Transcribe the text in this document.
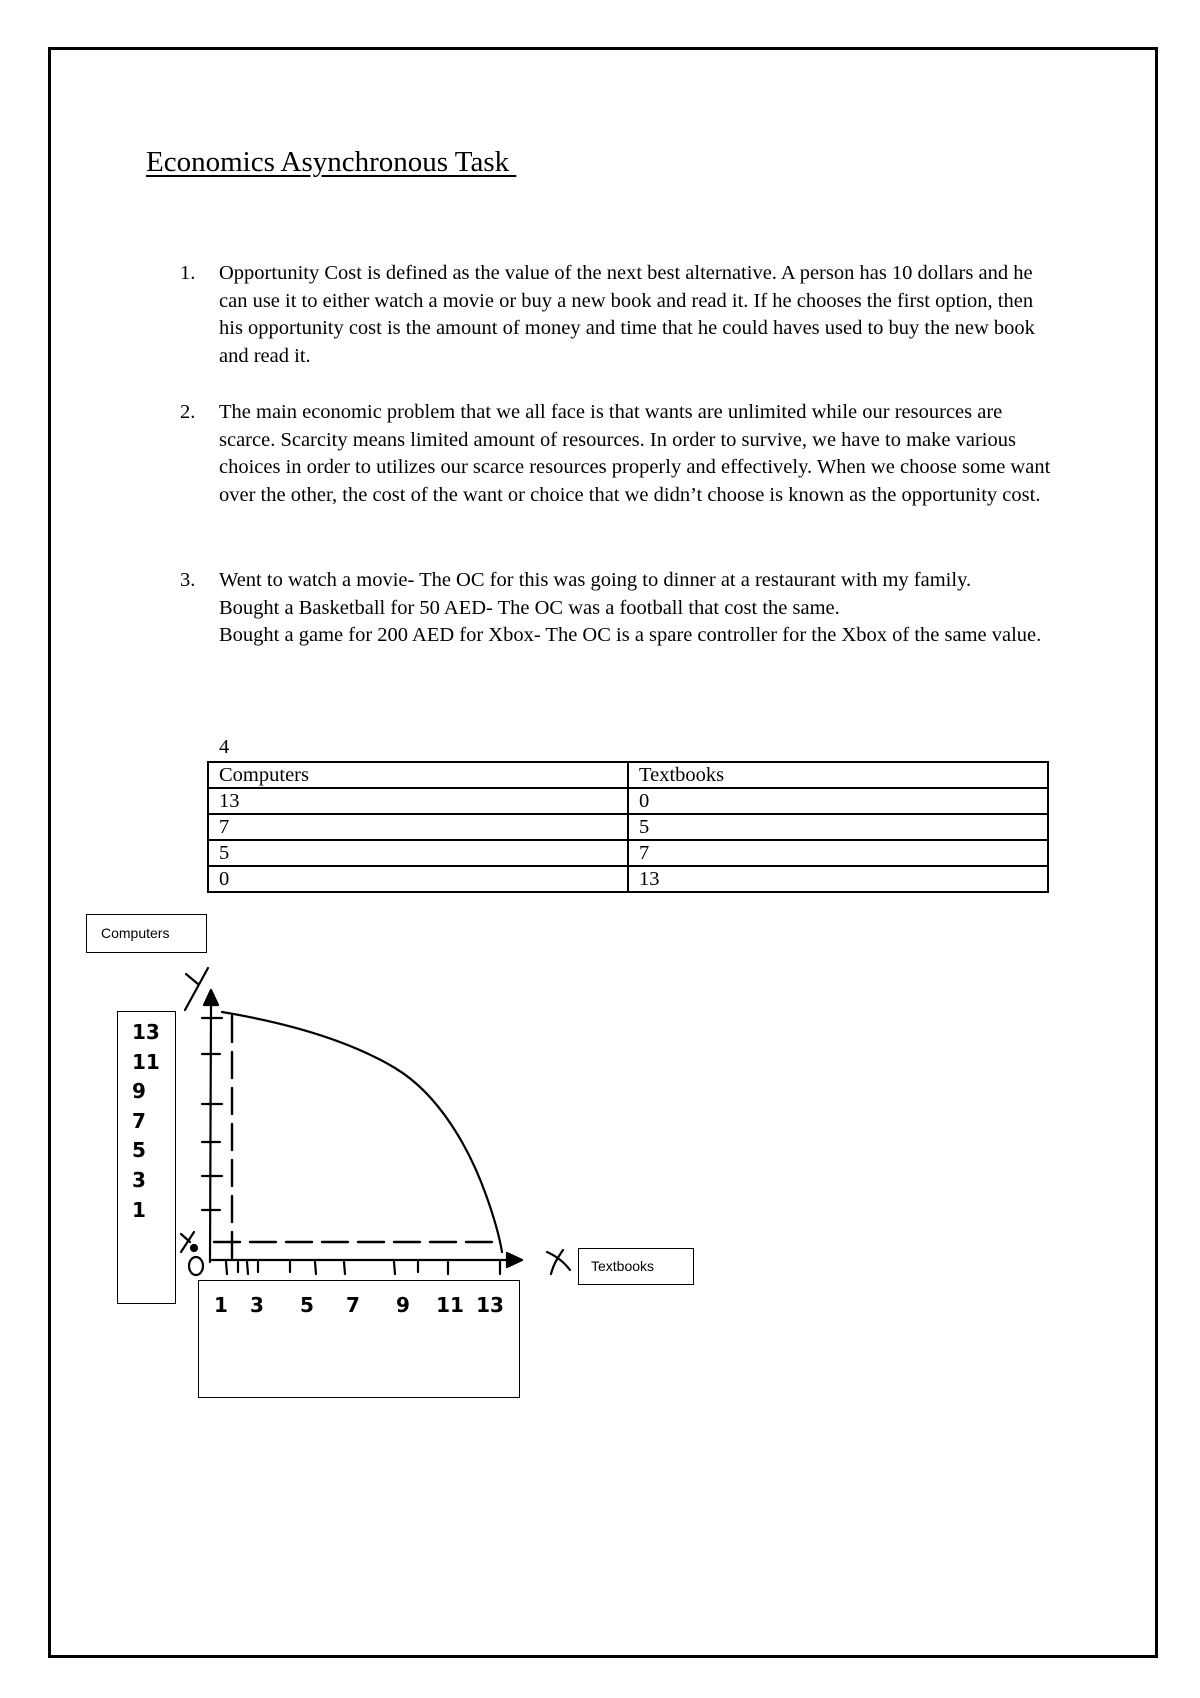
Economics Asynchronous Task
1. Opportunity Cost is defined as the value of the next best alternative. A person has 10 dollars and he can use it to either watch a movie or buy a new book and read it. If he chooses the first option, then his opportunity cost is the amount of money and time that he could haves used to buy the new book and read it.

2. The main economic problem that we all face is that wants are unlimited while our resources are scarce. Scarcity means limited amount of resources. In order to survive, we have to make various choices in order to utilizes our scarce resources properly and effectively. When we choose some want over the other, the cost of the want or choice that we didn’t choose is known as the opportunity cost.

3. Went to watch a movie- The OC for this was going to dinner at a restaurant with my family.

Bought a Basketball for 50 AED- The OC was a football that cost the same.

Bought a game for 200 AED for Xbox- The OC is a spare controller for the Xbox of the same value.

4
Computers	Textbooks
13	0
7	5
5	7
0	13
Computers
Textbooks
13
11
9
7
5
3
1
1 3 5 7 9 11 13
